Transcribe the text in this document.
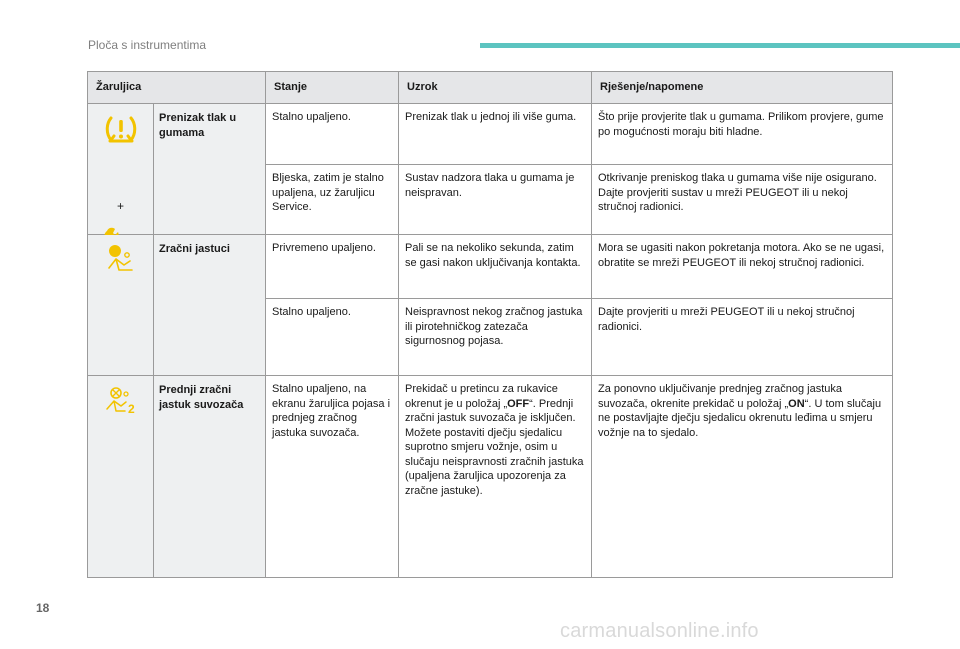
Ploča s instrumentima
Žaruljica		Stanje	Uzrok	Rješenje/napomene

+	Prenizak tlak u gumama	Stalno upaljeno.	Prenizak tlak u jednoj ili više guma.	Što prije provjerite tlak u gumama. Prilikom provjere, gume po mogućnosti moraju biti hladne.
		Bljeska, zatim je stalno upaljena, uz žaruljicu Service.	Sustav nadzora tlaka u gumama je neispravan.	Otkrivanje preniskog tlaka u gumama više nije osigurano. Dajte provjeriti sustav u mreži PEUGEOT ili u nekoj stručnoj radionici.

	Zračni jastuci	Privremeno upaljeno.	Pali se na nekoliko sekunda, zatim se gasi nakon uključivanja kontakta.	Mora se ugasiti nakon pokretanja motora. Ako se ne ugasi, obratite se mreži PEUGEOT ili nekoj stručnoj radionici.
		Stalno upaljeno.	Neispravnost nekog zračnog jastuka ili pirotehničkog zatezača sigurnosnog pojasa.	Dajte provjeriti u mreži PEUGEOT ili u nekoj stručnoj radionici.

2	Prednji zračni jastuk suvozača	Stalno upaljeno, na ekranu žaruljica pojasa i prednjeg zračnog jastuka suvozača.	Prekidač u pretincu za rukavice okrenut je u položaj „OFF“. Prednji zračni jastuk suvozača je isključen. Možete postaviti dječju sjedalicu suprotno smjeru vožnje, osim u slučaju neispravnosti zračnih jastuka (upaljena žaruljica upozorenja za zračne jastuke).	Za ponovno uključivanje prednjeg zračnog jastuka suvozača, okrenite prekidač u položaj „ON“. U tom slučaju ne postavljajte dječju sjedalicu okrenutu leđima u smjeru vožnje na to sjedalo.
18
carmanualsonline.info
